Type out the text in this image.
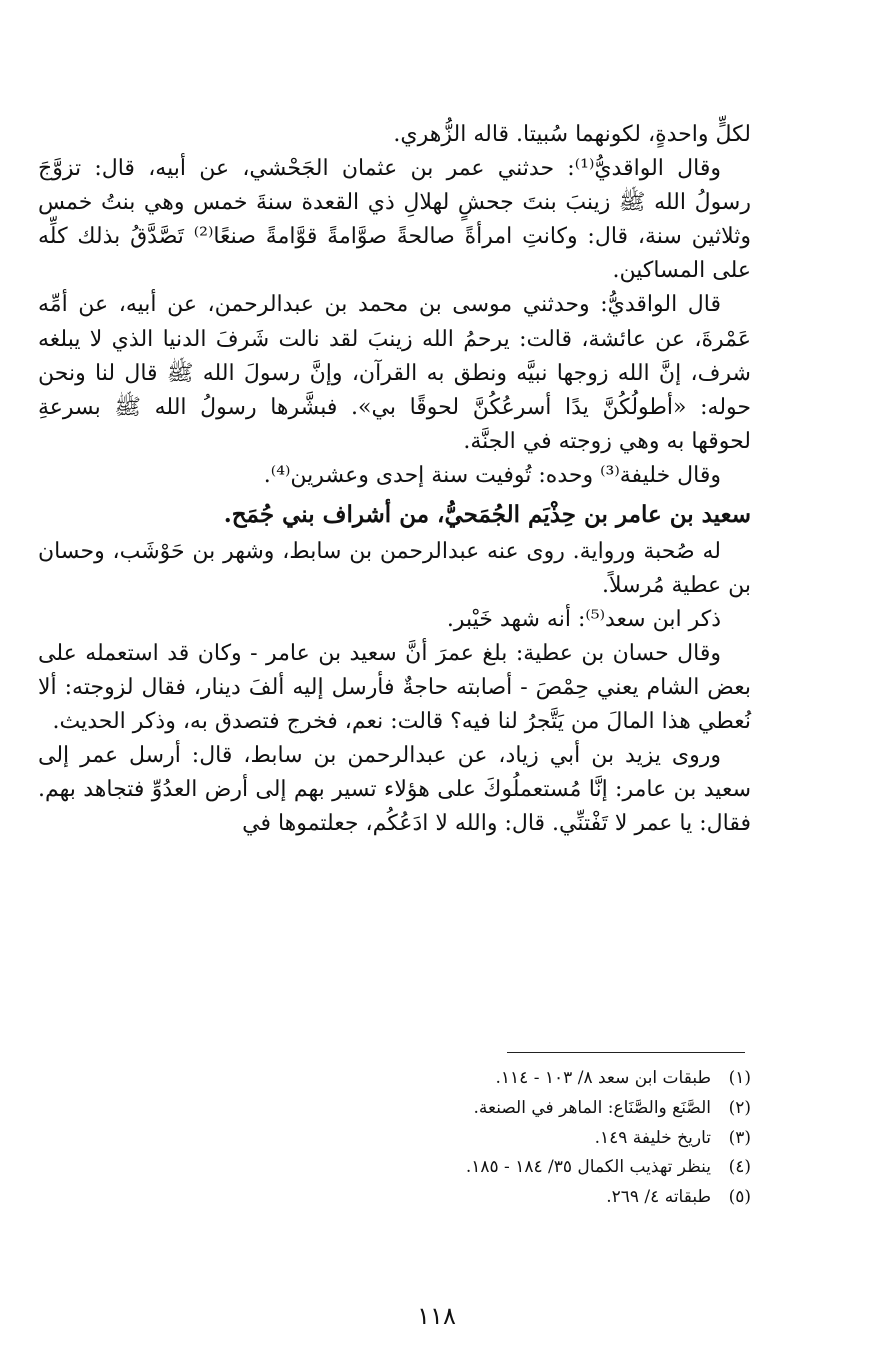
لكلٍّ واحدةٍ، لكونهما سُبيتا. قاله الزُّهري.

وقال الواقديُّ⁽¹⁾: حدثني عمر بن عثمان الجَحْشي، عن أبيه، قال: تزوَّجَ رسولُ الله ﷺ زينبَ بنتَ جحشٍ لهلالِ ذي القعدة سنةَ خمس وهي بنتُ خمس وثلاثين سنة، قال: وكانتِ امرأةً صالحةً صوَّامةً قوَّامةً صنعًا⁽²⁾ تَصَّدَّقُ بذلك كلِّه على المساكين.

قال الواقديُّ: وحدثني موسى بن محمد بن عبدالرحمن، عن أبيه، عن أمِّه عَمْرةَ، عن عائشة، قالت: يرحمُ الله زينبَ لقد نالت شَرفَ الدنيا الذي لا يبلغه شرف، إنَّ الله زوجها نبيَّه ونطق به القرآن، وإنَّ رسولَ الله ﷺ قال لنا ونحن حوله: «أطولُكُنَّ يدًا أسرعُكُنَّ لحوقًا بي». فبشَّرها رسولُ الله ﷺ بسرعةِ لحوقها به وهي زوجته في الجنَّة.

وقال خليفة⁽³⁾ وحده: تُوفيت سنة إحدى وعشرين⁽⁴⁾.

سعيد بن عامر بن حِذْيَم الجُمَحيُّ، من أشراف بني جُمَح.

له صُحبة ورواية. روى عنه عبدالرحمن بن سابط، وشهر بن حَوْشَب، وحسان بن عطية مُرسلاً.

ذكر ابن سعد⁽⁵⁾: أنه شهد خَيْبر.

وقال حسان بن عطية: بلغ عمرَ أنَّ سعيد بن عامر - وكان قد استعمله على بعض الشام يعني حِمْصَ - أصابته حاجةٌ فأرسل إليه ألفَ دينار، فقال لزوجته: ألا نُعطي هذا المالَ من يَتَّجرُ لنا فيه؟ قالت: نعم، فخرج فتصدق به، وذكر الحديث.

وروى يزيد بن أبي زياد، عن عبدالرحمن بن سابط، قال: أرسل عمر إلى سعيد بن عامر: إنَّا مُستعملُوكَ على هؤلاء تسير بهم إلى أرض العدُوِّ فتجاهد بهم. فقال: يا عمر لا تَفْتنِّي. قال: والله لا ادَعُكُم، جعلتموها في

(١)طبقات ابن سعد ٨/ ١٠٣ - ١١٤.
(٢)الصَّنَع والصَّنَاع: الماهر في الصنعة.
(٣)تاريخ خليفة ١٤٩.
(٤)ينظر تهذيب الكمال ٣٥/ ١٨٤ - ١٨٥.
(٥)طبقاته ٤/ ٢٦٩.
١١٨
